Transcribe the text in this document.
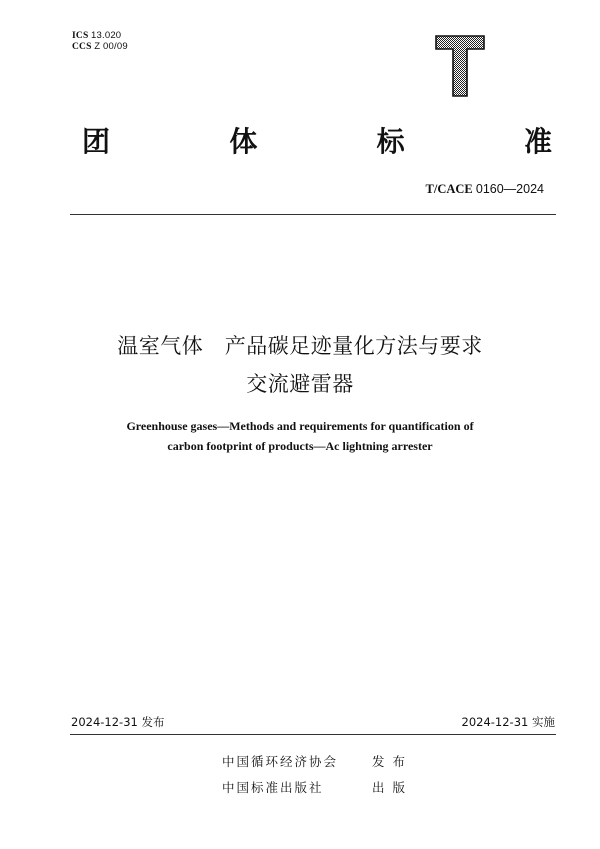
ICS 13.020
CCS Z 00/09
团	体	标	准
T/CACE 0160—2024
温室气体　产品碳足迹量化方法与要求
交流避雷器
Greenhouse gases—Methods and requirements for quantification of
carbon footprint of products—Ac lightning arrester
2024-12-31 发布	2024-12-31 实施
中国循环经济协会	发布
中国标准出版社	出版
